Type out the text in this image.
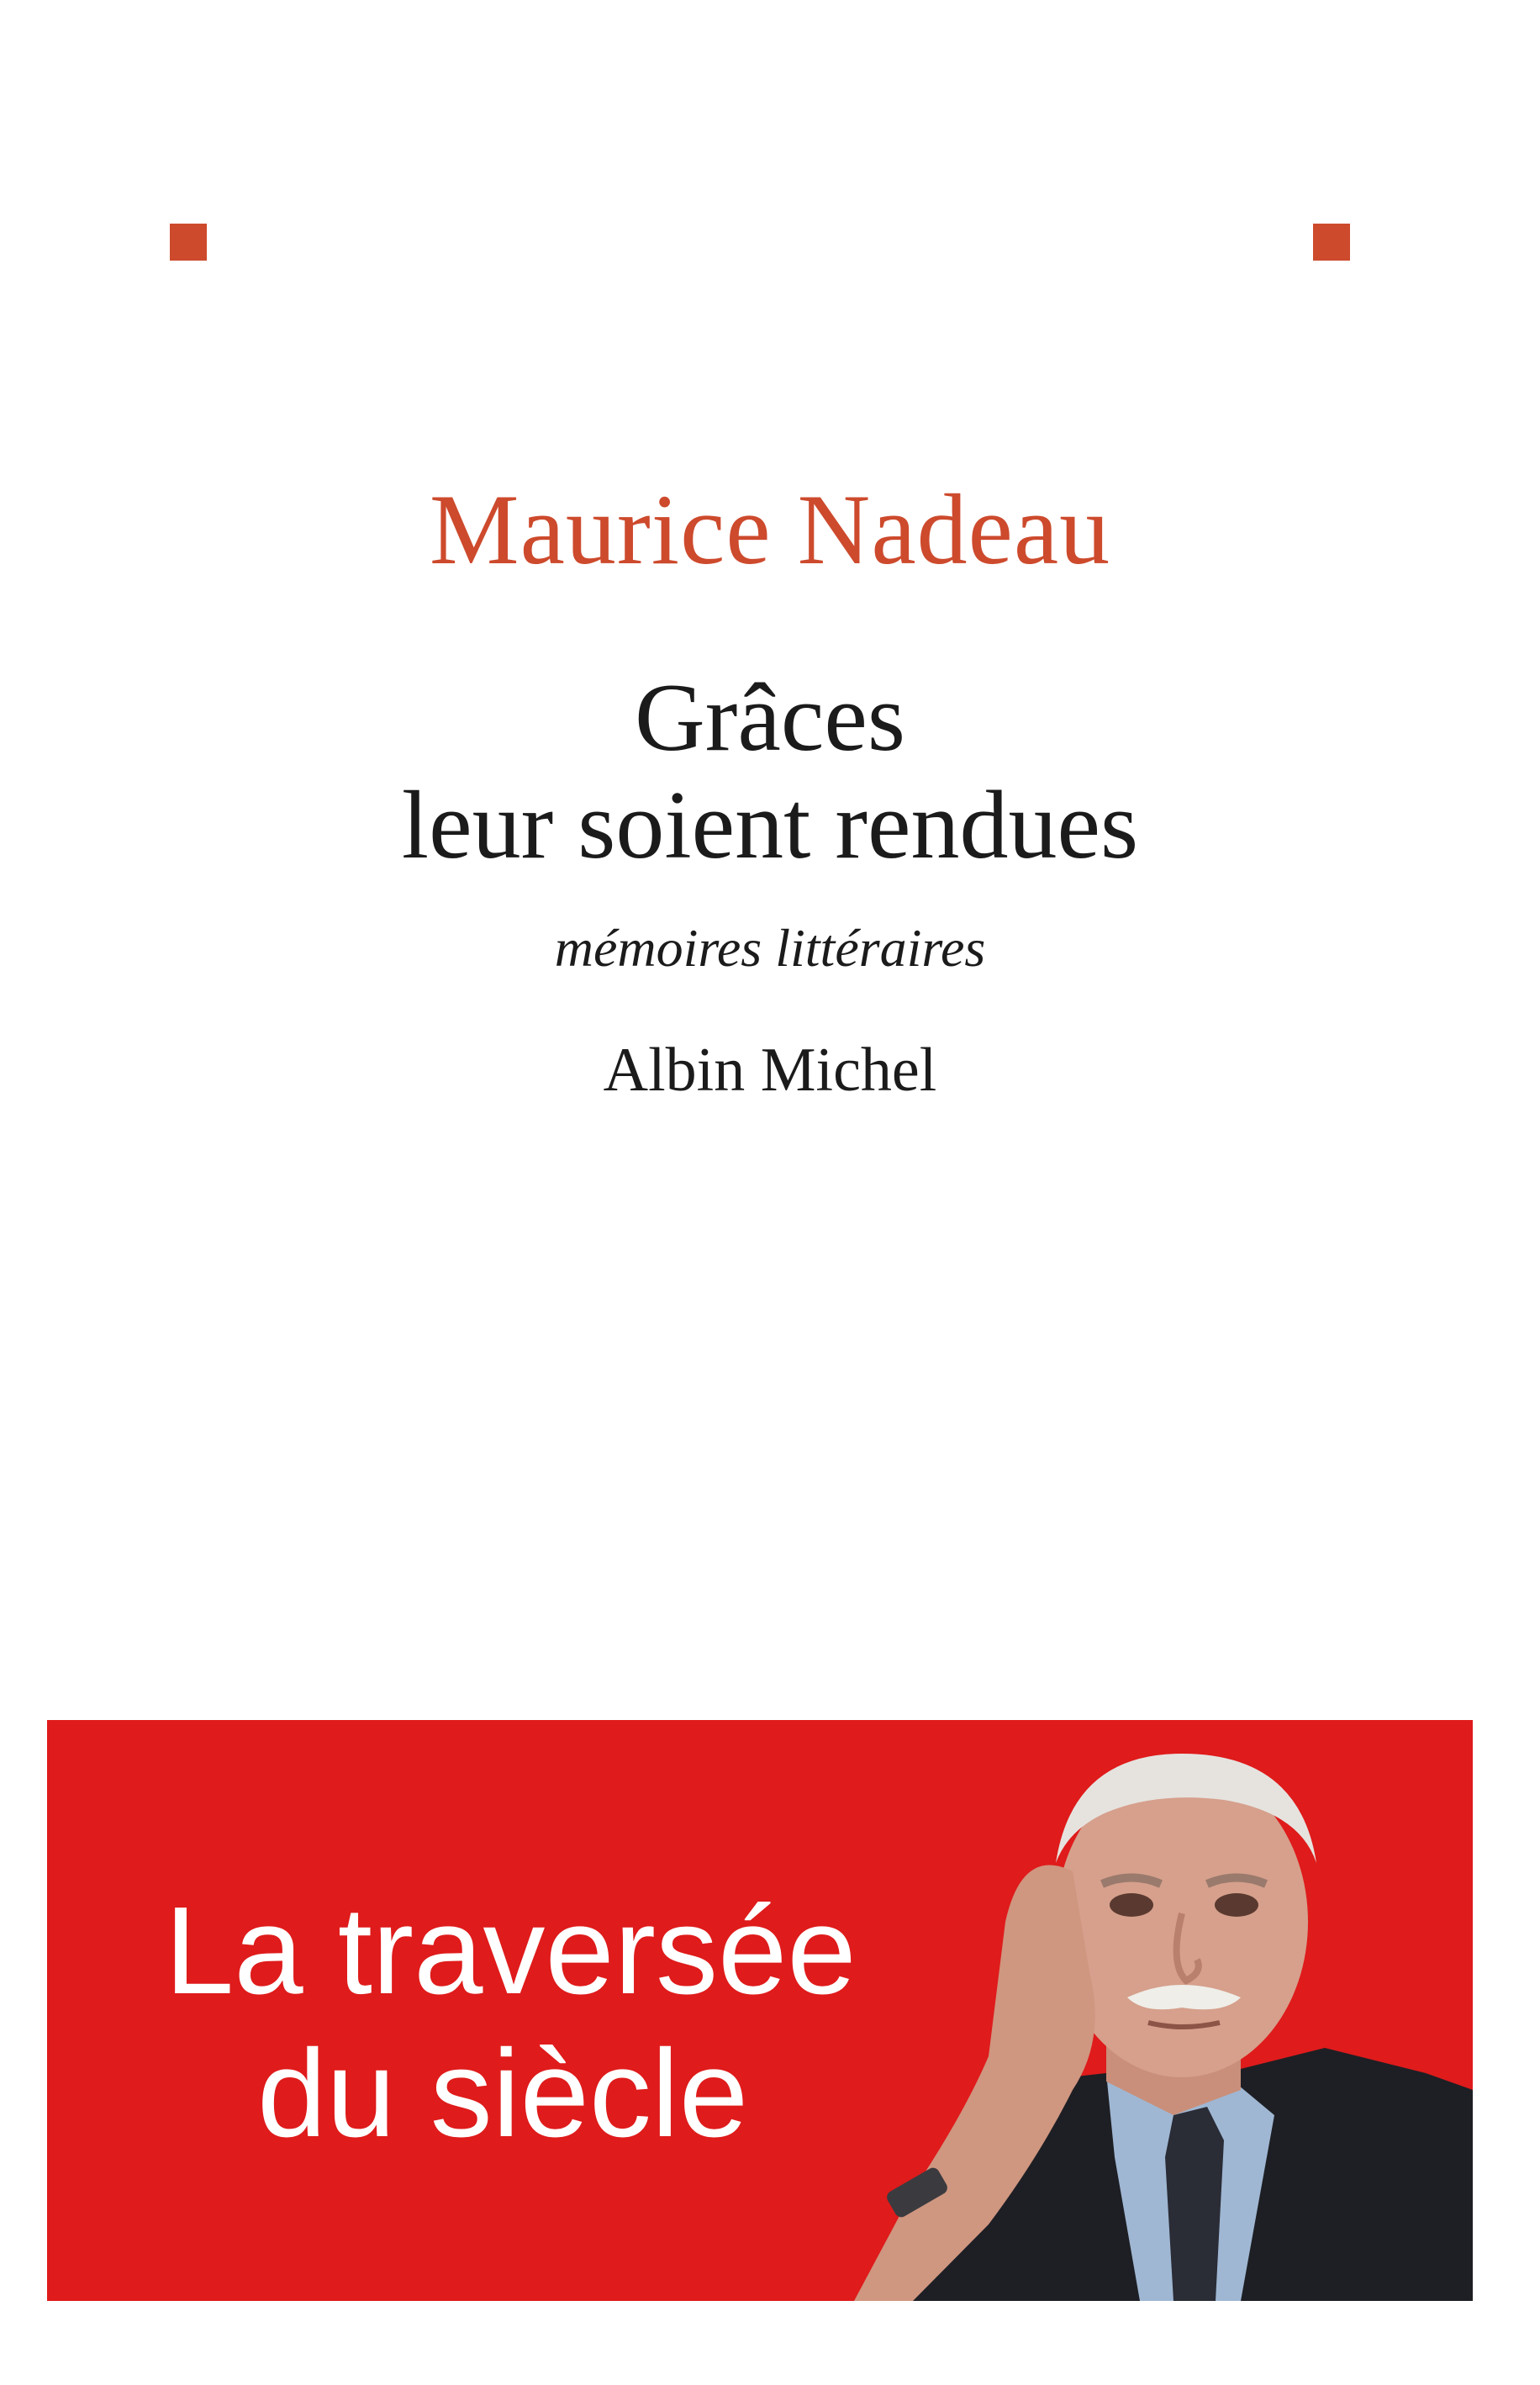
Maurice Nadeau
Grâces
leur soient rendues
mémoires littéraires
Albin Michel
La traversée
du siècle
